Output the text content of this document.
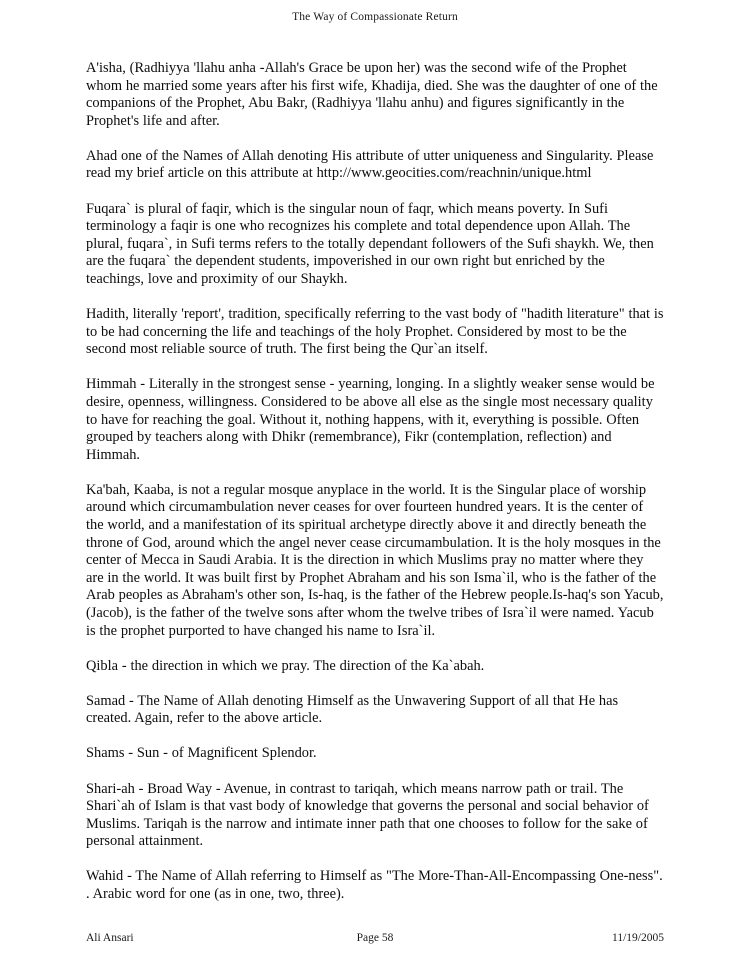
The Way of Compassionate Return

A'isha, (Radhiyya 'llahu anha -Allah's Grace be upon her) was the second wife of the Prophet whom he married some years after his first wife, Khadija, died. She was the daughter of one of the companions of the Prophet, Abu Bakr, (Radhiyya 'llahu anhu) and figures significantly in the Prophet's life and after.

Ahad one of the Names of Allah denoting His attribute of utter uniqueness and Singularity. Please read my brief article on this attribute at http://www.geocities.com/reachnin/unique.html

Fuqara` is plural of faqir, which is the singular noun of faqr, which means poverty. In Sufi terminology a faqir is one who recognizes his complete and total dependence upon Allah. The plural, fuqara`, in Sufi terms refers to the totally dependant followers of the Sufi shaykh. We, then are the fuqara` the dependent students, impoverished in our own right but enriched by the teachings, love and proximity of our Shaykh.

Hadith, literally 'report', tradition, specifically referring to the vast body of "hadith literature" that is to be had concerning the life and teachings of the holy Prophet. Considered by most to be the second most reliable source of truth. The first being the Qur`an itself.

Himmah - Literally in the strongest sense - yearning, longing. In a slightly weaker sense would be desire, openness, willingness. Considered to be above all else as the single most necessary quality to have for reaching the goal. Without it, nothing happens, with it, everything is possible. Often grouped by teachers along with Dhikr (remembrance), Fikr (contemplation, reflection) and Himmah.

Ka'bah, Kaaba, is not a regular mosque anyplace in the world. It is the Singular place of worship around which circumambulation never ceases for over fourteen hundred years. It is the center of the world, and a manifestation of its spiritual archetype directly above it and directly beneath the throne of God, around which the angel never cease circumambulation. It is the holy mosques in the center of Mecca in Saudi Arabia. It is the direction in which Muslims pray no matter where they are in the world. It was built first by Prophet Abraham and his son Isma`il, who is the father of the Arab peoples as Abraham's other son, Is-haq, is the father of the Hebrew people.Is-haq's son Yacub, (Jacob), is the father of the twelve sons after whom the twelve tribes of Isra`il were named. Yacub is the prophet purported to have changed his name to Isra`il.

Qibla - the direction in which we pray. The direction of the Ka`abah.

Samad - The Name of Allah denoting Himself as the Unwavering Support of all that He has created. Again, refer to the above article.

Shams - Sun - of Magnificent Splendor.

Shari-ah - Broad Way - Avenue, in contrast to tariqah, which means narrow path or trail. The Shari`ah of Islam is that vast body of knowledge that governs the personal and social behavior of Muslims. Tariqah is the narrow and intimate inner path that one chooses to follow for the sake of personal attainment.

Wahid - The Name of Allah referring to Himself as "The More-Than-All-Encompassing One-ness". . Arabic word for one (as in one, two, three).

Ali Ansari	Page 58	11/19/2005
